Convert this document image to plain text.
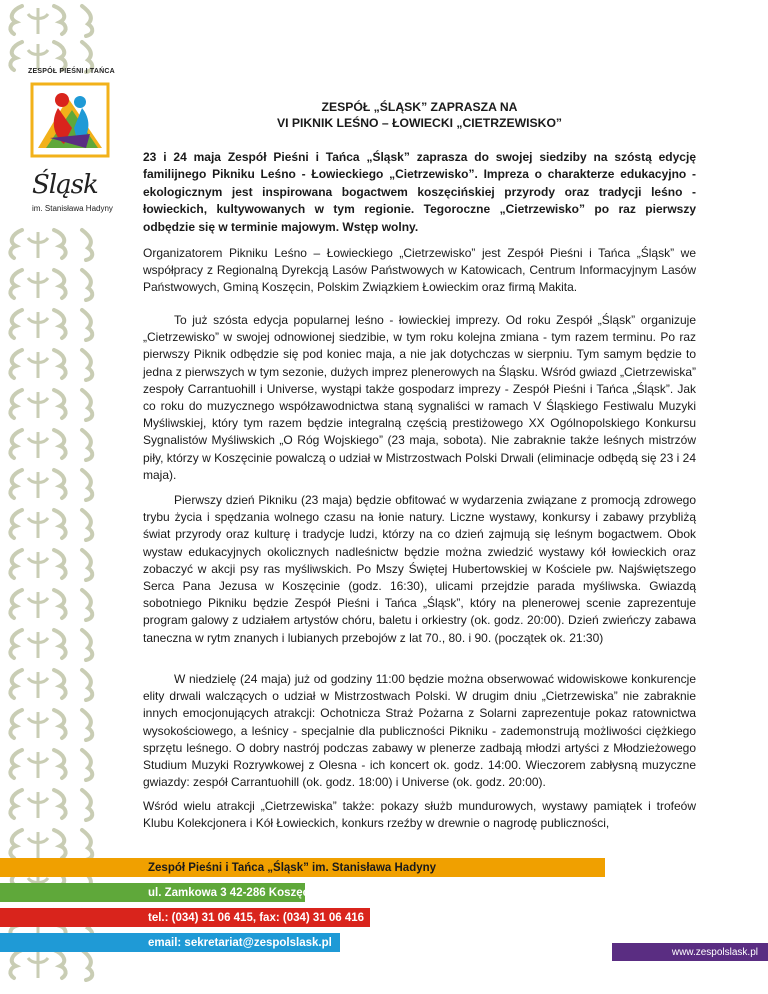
ZESPÓŁ PIEŚNI I TAŃCA
Śląsk
im. Stanisława Hadyny
ZESPÓŁ „ŚLĄSK” ZAPRASZA NA
VI PIKNIK LEŚNO – ŁOWIECKI „CIETRZEWISKO”
23 i 24 maja Zespół Pieśni i Tańca „Śląsk” zaprasza do swojej siedziby na szóstą edycję familijnego Pikniku Leśno - Łowieckiego „Cietrzewisko”. Impreza o charakterze edukacyjno - ekologicznym jest inspirowana bogactwem koszęcińskiej przyrody oraz tradycji leśno - łowieckich, kultywowanych w tym regionie. Tegoroczne „Cietrzewisko” po raz pierwszy odbędzie się w terminie majowym. Wstęp wolny.
Organizatorem Pikniku Leśno – Łowieckiego „Cietrzewisko” jest Zespół Pieśni i Tańca „Śląsk” we współpracy z Regionalną Dyrekcją Lasów Państwowych w Katowicach, Centrum Informacyjnym Lasów Państwowych, Gminą Koszęcin, Polskim Związkiem Łowieckim oraz firmą Makita.
To już szósta edycja popularnej leśno - łowieckiej imprezy. Od roku Zespół „Śląsk” organizuje „Cietrzewisko” w swojej odnowionej siedzibie, w tym roku kolejna zmiana - tym razem terminu. Po raz pierwszy Piknik odbędzie się pod koniec maja, a nie jak dotychczas w sierpniu. Tym samym będzie to jedna z pierwszych w tym sezonie, dużych imprez plenerowych na Śląsku. Wśród gwiazd „Cietrzewiska” zespoły Carrantuohill i Universe, wystąpi także gospodarz imprezy - Zespół Pieśni i Tańca „Śląsk”. Jak co roku do muzycznego współzawodnictwa staną sygnaliści w ramach V Śląskiego Festiwalu Muzyki Myśliwskiej, który tym razem będzie integralną częścią prestiżowego XX Ogólnopolskiego Konkursu Sygnalistów Myśliwskich „O Róg Wojskiego” (23 maja, sobota). Nie zabraknie także leśnych mistrzów piły, którzy w Koszęcinie powalczą o udział w Mistrzostwach Polski Drwali (eliminacje odbędą się 23 i 24 maja).
Pierwszy dzień Pikniku (23 maja) będzie obfitować w wydarzenia związane z promocją zdrowego trybu życia i spędzania wolnego czasu na łonie natury. Liczne wystawy, konkursy i zabawy przybliżą świat przyrody oraz kulturę i tradycje ludzi, którzy na co dzień zajmują się leśnym bogactwem. Obok wystaw edukacyjnych okolicznych nadleśnictw będzie można zwiedzić wystawy kół łowieckich oraz zobaczyć w akcji psy ras myśliwskich. Po Mszy Świętej Hubertowskiej w Kościele pw. Najświętszego Serca Pana Jezusa w Koszęcinie (godz. 16:30), ulicami przejdzie parada myśliwska. Gwiazdą sobotniego Pikniku będzie Zespół Pieśni i Tańca „Śląsk”, który na plenerowej scenie zaprezentuje program galowy z udziałem artystów chóru, baletu i orkiestry (ok. godz. 20:00). Dzień zwieńczy zabawa taneczna w rytm znanych i lubianych przebojów z lat 70., 80. i 90. (początek ok. 21:30)
W niedzielę (24 maja) już od godziny 11:00 będzie można obserwować widowiskowe konkurencje elity drwali walczących o udział w Mistrzostwach Polski. W drugim dniu „Cietrzewiska” nie zabraknie innych emocjonujących atrakcji: Ochotnicza Straż Pożarna z Solarni zaprezentuje pokaz ratownictwa wysokościowego, a leśnicy - specjalnie dla publiczności Pikniku - zademonstrują możliwości ciężkiego sprzętu leśnego. O dobry nastrój podczas zabawy w plenerze zadbają młodzi artyści z Młodzieżowego Studium Muzyki Rozrywkowej z Olesna - ich koncert ok. godz. 14:00. Wieczorem zabłysną muzyczne gwiazdy: zespół Carrantuohill (ok. godz. 18:00) i Universe (ok. godz. 20:00).
Wśród wielu atrakcji „Cietrzewiska” także: pokazy służb mundurowych, wystawy pamiątek i trofeów Klubu Kolekcjonera i Kół Łowieckich, konkurs rzeźby w drewnie o nagrodę publiczności,
Zespół Pieśni i Tańca „Śląsk” im. Stanisława Hadyny
ul. Zamkowa 3 42-286 Koszęcin
tel.: (034) 31 06 415, fax: (034) 31 06 416
email: sekretariat@zespolslask.pl
www.zespolslask.pl
